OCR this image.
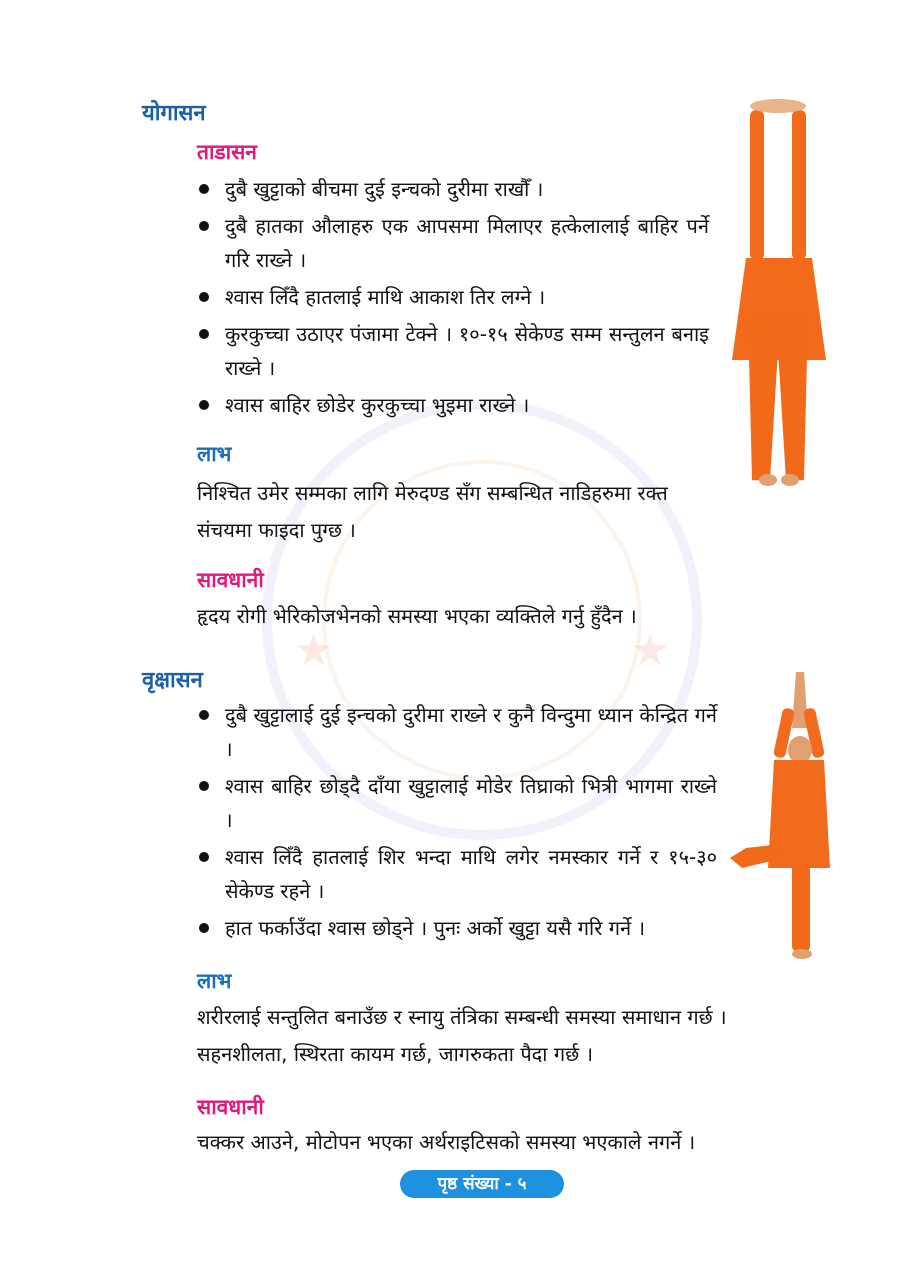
★	★
योगासन
ताडासन
दुबै खुट्टाको बीचमा दुई इन्चको दुरीमा राखौँ ।
दुबै हातका औलाहरु एक आपसमा मिलाएर हत्केलालाई बाहिर पर्ने गरि राख्ने ।
श्वास लिँदै हातलाई माथि आकाश तिर लग्ने ।
कुरकुच्चा उठाएर पंजामा टेक्ने । १०-१५ सेकेण्ड सम्म सन्तुलन बनाइ राख्ने ।
श्वास बाहिर छोडेर कुरकुच्चा भुइमा राख्ने ।
लाभ

निश्चित उमेर सम्मका लागि मेरुदण्ड सँग सम्बन्धित नाडिहरुमा रक्त संचयमा फाइदा पुग्छ ।

सावधानी

हृदय रोगी भेरिकोजभेनको समस्या भएका व्यक्तिले गर्नु हुँदैन ।

वृक्षासन
दुबै खुट्टालाई दुई इन्चको दुरीमा राख्ने र कुनै विन्दुमा ध्यान केन्द्रित गर्ने ।
श्वास बाहिर छोड्दै दाँया खुट्टालाई मोडेर तिघ्राको भित्री भागमा राख्ने ।
श्वास लिँदै हातलाई शिर भन्दा माथि लगेर नमस्कार गर्ने र १५-३० सेकेण्ड रहने ।
हात फर्काउँदा श्वास छोड्ने । पुनः अर्को खुट्टा यसै गरि गर्ने ।
लाभ

शरीरलाई सन्तुलित बनाउँछ र स्नायु तंत्रिका सम्बन्धी समस्या समाधान गर्छ ।
सहनशीलता, स्थिरता कायम गर्छ, जागरुकता पैदा गर्छ ।

सावधानी

चक्कर आउने, मोटोपन भएका अर्थराइटिसको समस्या भएकाले नगर्ने ।

पृष्ठ संख्या - ५
